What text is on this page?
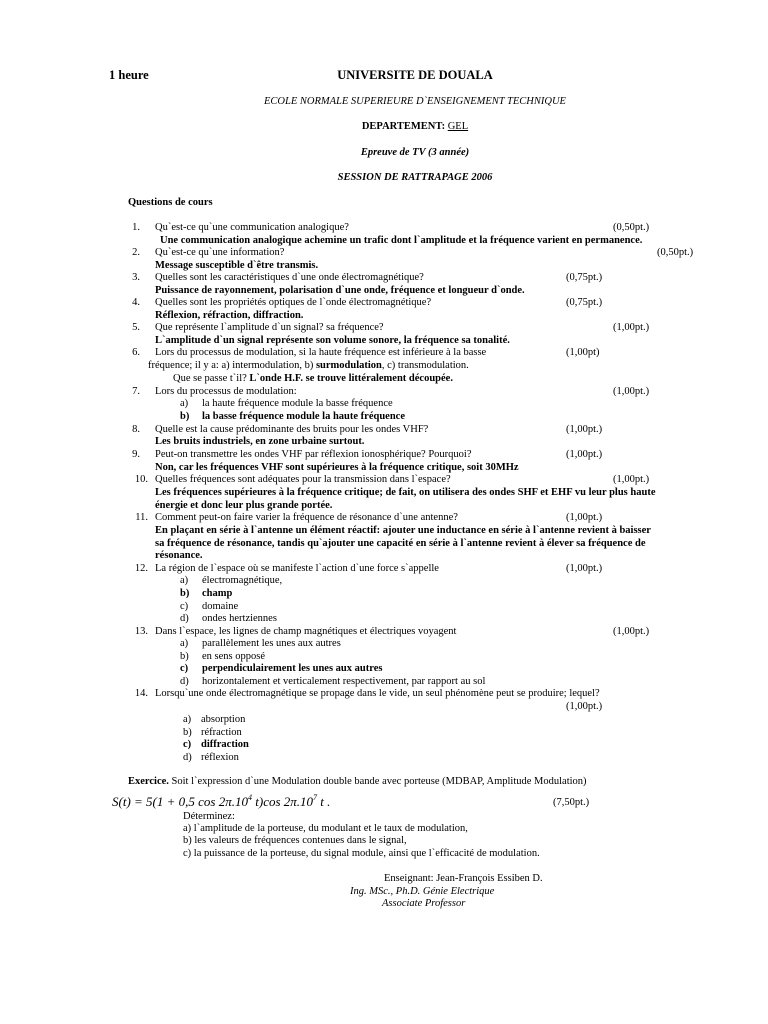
1 heure	UNIVERSITE DE DOUALA
ECOLE NORMALE SUPERIEURE D`ENSEIGNEMENT TECHNIQUE
DEPARTEMENT: GEL
Epreuve de TV (3 année)
SESSION DE RATTRAPAGE 2006
Questions de cours
1. Qu`est-ce qu`une communication analogique?	(0,50pt.)
Une communication analogique achemine un trafic dont l`amplitude et la fréquence varient en permanence.
2. Qu`est-ce qu`une information?	(0,50pt.)
Message susceptible d`être transmis.
3. Quelles sont les caractéristiques d`une onde électromagnétique?	(0,75pt.)
Puissance de rayonnement, polarisation d`une onde, fréquence et longueur d`onde.
4. Quelles sont les propriétés optiques de l`onde électromagnétique?	(0,75pt.)
Réflexion, réfraction, diffraction.
5. Que représente l`amplitude d`un signal? sa fréquence?	(1,00pt.)
L`amplitude d`un signal représente son volume sonore, la fréquence sa tonalité.
6. Lors du processus de modulation, si la haute fréquence est inférieure à la basse	(1,00pt)
fréquence; il y a: a) intermodulation, b) surmodulation, c) transmodulation.
Que se passe t`il? L`onde H.F. se trouve littéralement découpée.
7. Lors du processus de modulation:	(1,00pt.)
a) la haute fréquence module la basse fréquence
b) la basse fréquence module la haute fréquence
8. Quelle est la cause prédominante des bruits pour les ondes VHF?	(1,00pt.)
Les bruits industriels, en zone urbaine surtout.
9. Peut-on transmettre les ondes VHF par réflexion ionosphérique? Pourquoi?	(1,00pt.)
Non, car les fréquences VHF sont supérieures à la fréquence critique, soit 30MHz
10. Quelles fréquences sont adéquates pour la transmission dans l`espace?	(1,00pt.)
Les fréquences supérieures à la fréquence critique; de fait, on utilisera des ondes SHF et EHF vu leur plus haute
énergie et donc leur plus grande portée.
11. Comment peut-on faire varier la fréquence de résonance d`une antenne?	(1,00pt.)
En plaçant en série à l`antenne un élément réactif: ajouter une inductance en série à l`antenne revient à baisser
sa fréquence de résonance, tandis qu`ajouter une capacité en série à l`antenne revient à élever sa fréquence de
résonance.
12. La région de l`espace où se manifeste l`action d`une force s`appelle	(1,00pt.)
a) électromagnétique,
b) champ
c) domaine
d) ondes hertziennes
13. Dans l`espace, les lignes de champ magnétiques et électriques voyagent	(1,00pt.)
a) parallèlement les unes aux autres
b) en sens opposé
c) perpendiculairement les unes aux autres
d) horizontalement et verticalement respectivement, par rapport au sol
14. Lorsqu`une onde électromagnétique se propage dans le vide, un seul phénomène peut se produire; lequel?
(1,00pt.)
a) absorption
b) réfraction
c) diffraction
d) réflexion
Exercice. Soit l`expression d`une Modulation double bande avec porteuse (MDBAP, Amplitude Modulation)
S(t) = 5(1 + 0,5 $\cos 2\pi.10^4$ t)cos $2\pi.10^7$ t .	(7,50pt.)
Déterminez:
a) l`amplitude de la porteuse, du modulant et le taux de modulation,
b) les valeurs de fréquences contenues dans le signal,
c) la puissance de la porteuse, du signal module, ainsi que l`efficacité de modulation.
Enseignant: Jean-François Essiben D.
Ing. MSc., Ph.D. Génie Electrique
Associate Professor
